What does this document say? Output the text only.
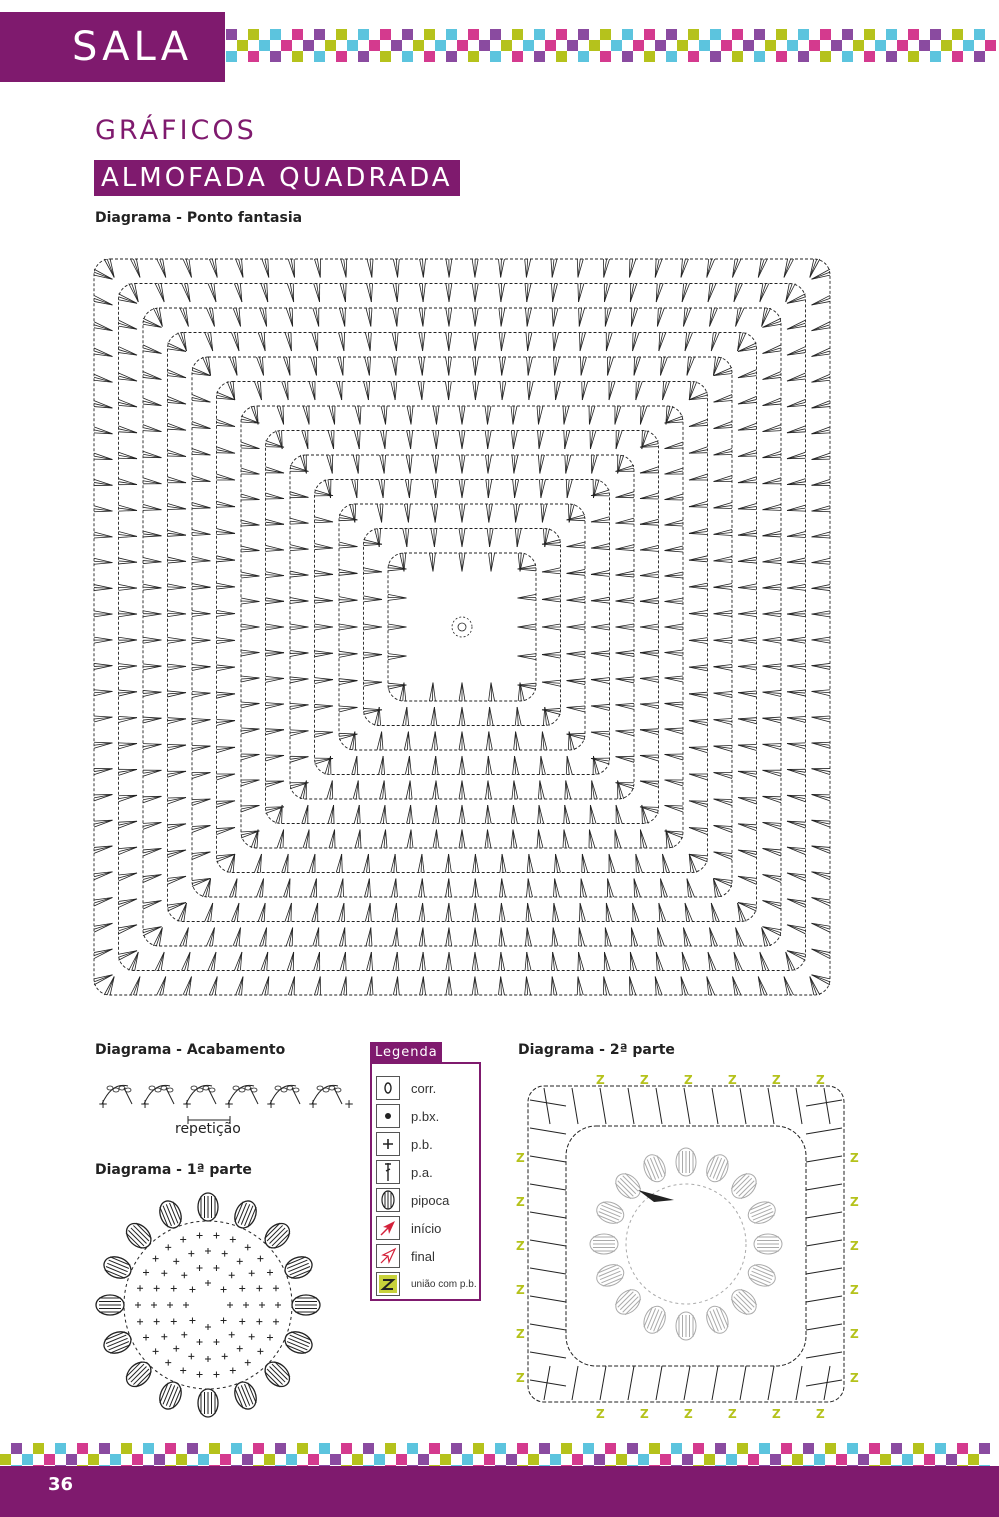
SALA
GRÁFICOS
ALMOFADA QUADRADA
Diagrama - Ponto fantasia
Diagrama - Acabamento
+	+	+	+	+	+ +
repetição
Diagrama - 1ª parte
Legenda
corr.
p.bx.
p.b.
p.a.
pipoca
início
final
união com p.b.
Diagrama - 2ª parte
Z
Z
Z	Z
Z
Z
Z	Z
Z
Z
Z	Z
Z
Z
Z	Z
Z
Z
Z	Z
Z
Z
Z	Z
36
